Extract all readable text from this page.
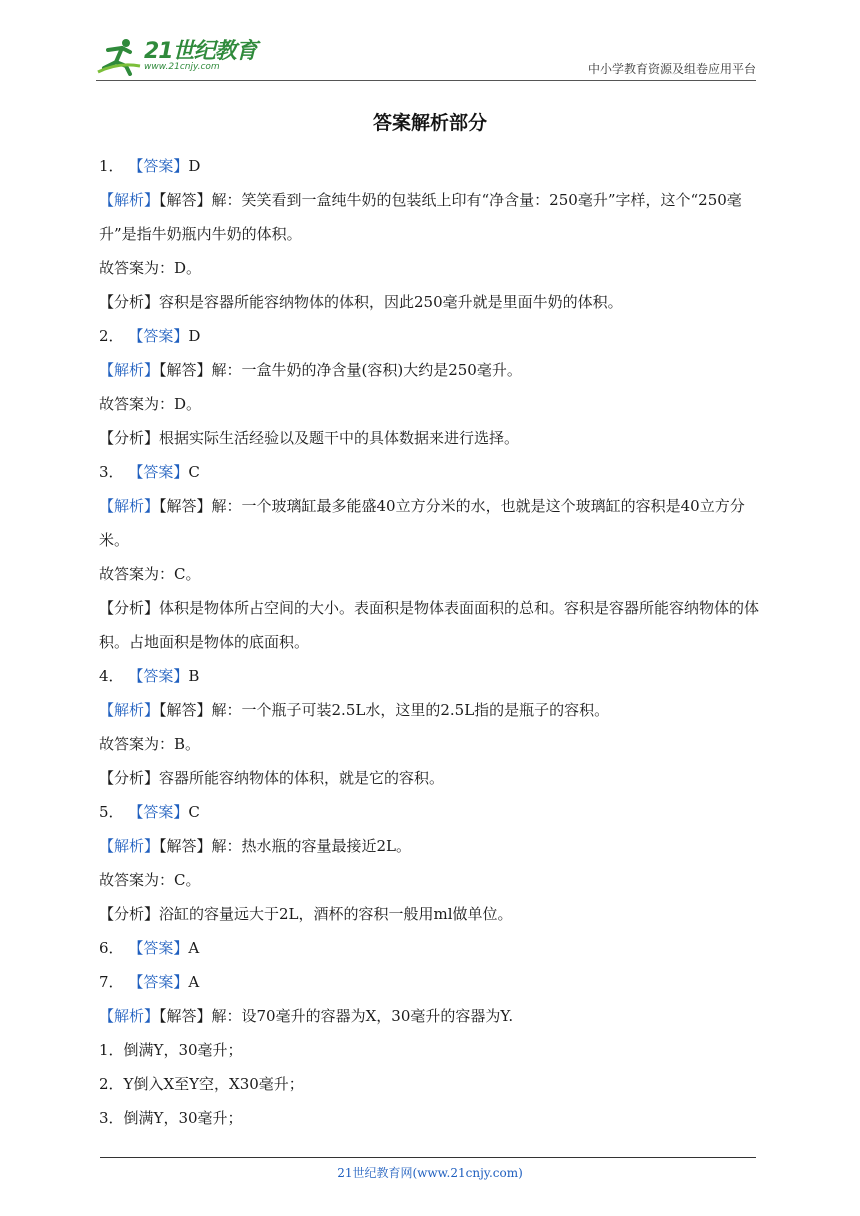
21世纪教育
www.21cnjy.com	中小学教育资源及组卷应用平台
答案解析部分
1． 【答案】D
【解析】【解答】解：笑笑看到一盒纯牛奶的包装纸上印有“净含量：250毫升”字样，这个“250毫升”是指牛奶瓶内牛奶的体积。
故答案为：D。
【分析】容积是容器所能容纳物体的体积，因此250毫升就是里面牛奶的体积。
2． 【答案】D
【解析】【解答】解：一盒牛奶的净含量(容积)大约是250毫升。
故答案为：D。
【分析】根据实际生活经验以及题干中的具体数据来进行选择。
3． 【答案】C
【解析】【解答】解：一个玻璃缸最多能盛40立方分米的水，也就是这个玻璃缸的容积是40立方分米。
故答案为：C。
【分析】体积是物体所占空间的大小。表面积是物体表面面积的总和。容积是容器所能容纳物体的体积。占地面积是物体的底面积。
4． 【答案】B
【解析】【解答】解：一个瓶子可装2.5L水，这里的2.5L指的是瓶子的容积。
故答案为：B。
【分析】容器所能容纳物体的体积，就是它的容积。
5． 【答案】C
【解析】【解答】解：热水瓶的容量最接近2L。
故答案为：C。
【分析】浴缸的容量远大于2L，酒杯的容积一般用ml做单位。
6． 【答案】A
7． 【答案】A
【解析】【解答】解：设70毫升的容器为X，30毫升的容器为Y.
1．倒满Y，30毫升；
2．Y倒入X至Y空，X30毫升；
3．倒满Y，30毫升；
21世纪教育网(www.21cnjy.com)
